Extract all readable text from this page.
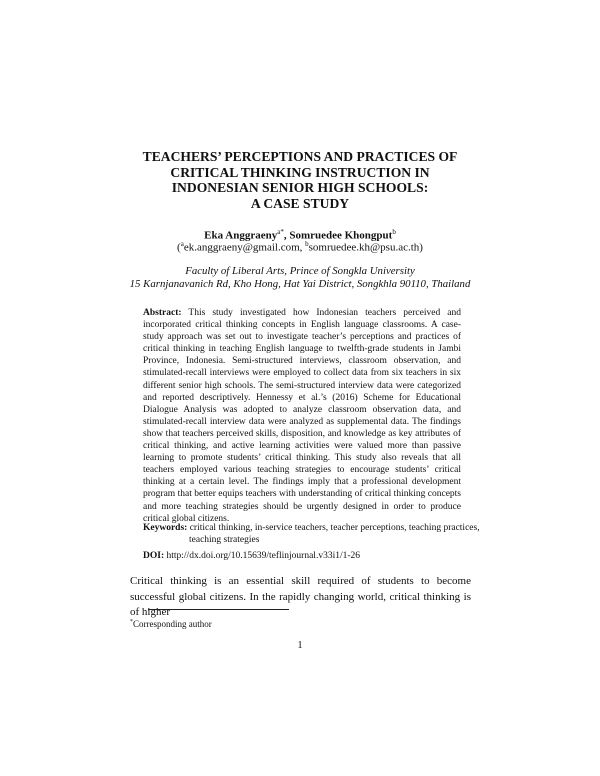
TEACHERS’ PERCEPTIONS AND PRACTICES OF
CRITICAL THINKING INSTRUCTION IN
INDONESIAN SENIOR HIGH SCHOOLS:
A CASE STUDY
Eka Anggraeny$^{a*}$, Somruedee Khongput$^b$
($^a$ek.anggraeny@gmail.com, $^b$somruedee.kh@psu.ac.th)
Faculty of Liberal Arts, Prince of Songkla University
15 Karnjanavanich Rd, Kho Hong, Hat Yai District, Songkhla 90110, Thailand

Abstract: This study investigated how Indonesian teachers perceived and incorporated critical thinking concepts in English language classrooms. A case-study approach was set out to investigate teacher’s perceptions and practices of critical thinking in teaching English language to twelfth-grade students in Jambi Province, Indonesia. Semi-structured interviews, classroom observation, and stimulated-recall interviews were employed to collect data from six teachers in six different senior high schools. The semi-structured interview data were categorized and reported descriptively. Hennessy et al.’s (2016) Scheme for Educational Dialogue Analysis was adopted to analyze classroom observation data, and stimulated-recall interview data were analyzed as supplemental data. The findings show that teachers perceived skills, disposition, and knowledge as key attributes of critical thinking, and active learning activities were valued more than passive learning to promote students’ critical thinking. This study also reveals that all teachers employed various teaching strategies to encourage students’ critical thinking at a certain level. The findings imply that a professional development program that better equips teachers with understanding of critical thinking concepts and more teaching strategies should be urgently designed in order to produce critical global citizens.

Keywords: critical thinking, in-service teachers, teacher perceptions, teaching practices, teaching strategies

DOI: http://dx.doi.org/10.15639/teflinjournal.v33i1/1-26

Critical thinking is an essential skill required of students to become successful global citizens. In the rapidly changing world, critical thinking is of higher

*Corresponding author

1
